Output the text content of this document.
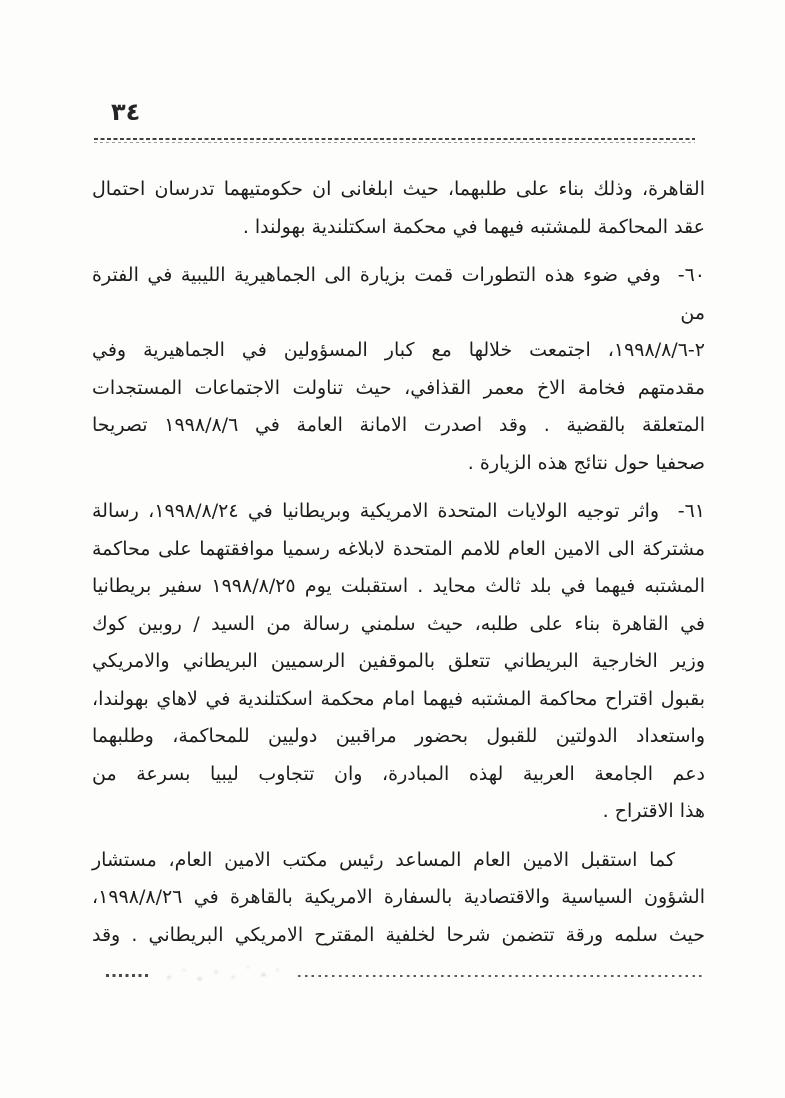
٣٤

القاهرة، وذلك بناء على طلبهما، حيث ابلغانى ان حكومتيهما تدرسان احتمال
عقد المحاكمة للمشتبه فيهما في محكمة اسكتلندية بهولندا .

٦٠-  وفي ضوء هذه التطورات قمت بزيارة الى الجماهيرية الليبية في الفترة من
٢-١٩٩٨/٨/٦، اجتمعت خلالها مع كبار المسؤولين في الجماهيرية وفي
مقدمتهم فخامة الاخ معمر القذافي، حيث تناولت الاجتماعات المستجدات
المتعلقة بالقضية . وقد اصدرت الامانة العامة في ١٩٩٨/٨/٦ تصريحا
صحفيا حول نتائج هذه الزيارة .

٦١-  واثر توجيه الولايات المتحدة الامريكية وبريطانيا في ١٩٩٨/٨/٢٤، رسالة
مشتركة الى الامين العام للامم المتحدة لابلاغه رسميا موافقتهما على محاكمة
المشتبه فيهما في بلد ثالث محايد . استقبلت يوم ١٩٩٨/٨/٢٥ سفير بريطانيا
في القاهرة بناء على طلبه، حيث سلمني رسالة من السيد / روبين كوك
وزير الخارجية البريطاني تتعلق بالموقفين الرسميين البريطاني والامريكي
بقبول اقتراح محاكمة المشتبه فيهما امام محكمة اسكتلندية في لاهاي بهولندا،
واستعداد الدولتين للقبول بحضور مراقبين دوليين للمحاكمة، وطلبهما
دعم الجامعة العربية لهذه المبادرة، وان تتجاوب ليبيا بسرعة من
هذا الاقتراح .

كما استقبل الامين العام المساعد رئيس مكتب الامين العام، مستشار
الشؤون السياسية والاقتصادية بالسفارة الامريكية بالقاهرة في ١٩٩٨/٨/٢٦،
حيث سلمه ورقة تتضمن شرحا لخلفية المقترح الامريكي البريطاني . وقد
